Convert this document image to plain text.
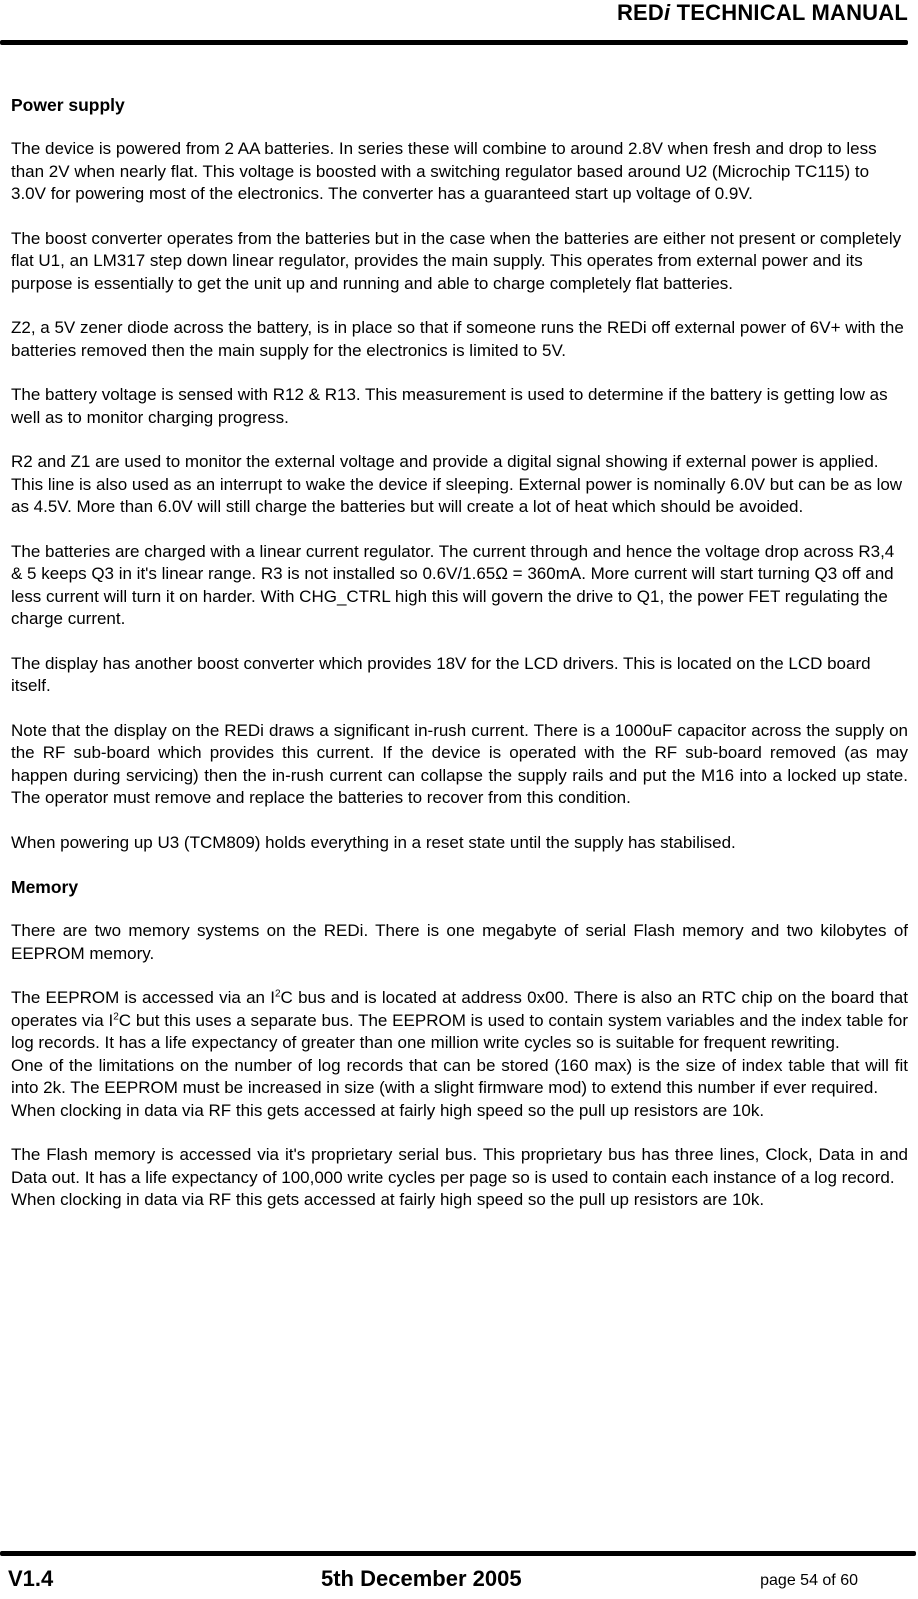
REDi TECHNICAL MANUAL
Power supply

The device is powered from 2 AA batteries. In series these will combine to around 2.8V when fresh and drop to less than 2V when nearly flat. This voltage is boosted with a switching regulator based around U2 (Microchip TC115) to 3.0V for powering most of the electronics. The converter has a guaranteed start up voltage of 0.9V.

The boost converter operates from the batteries but in the case when the batteries are either not present or completely flat U1, an LM317 step down linear regulator, provides the main supply. This operates from external power and its purpose is essentially to get the unit up and running and able to charge completely flat batteries.

Z2, a 5V zener diode across the battery, is in place so that if someone runs the REDi off external power of 6V+ with the batteries removed then the main supply for the electronics is limited to 5V.

The battery voltage is sensed with R12 & R13. This measurement is used to determine if the battery is getting low as well as to monitor charging progress.

R2 and Z1 are used to monitor the external voltage and provide a digital signal showing if external power is applied. This line is also used as an interrupt to wake the device if sleeping. External power is nominally 6.0V but can be as low as 4.5V. More than 6.0V will still charge the batteries but will create a lot of heat which should be avoided.

The batteries are charged with a linear current regulator. The current through and hence the voltage drop across R3,4 & 5 keeps Q3 in it's linear range. R3 is not installed so 0.6V/1.65Ω = 360mA. More current will start turning Q3 off and less current will turn it on harder. With CHG_CTRL high this will govern the drive to Q1, the power FET regulating the charge current.

The display has another boost converter which provides 18V for the LCD drivers. This is located on the LCD board itself.

Note that the display on the REDi draws a significant in-rush current. There is a 1000uF capacitor across the supply on the RF sub-board which provides this current. If the device is operated with the RF sub-board removed (as may happen during servicing) then the in-rush current can collapse the supply rails and put the M16 into a locked up state. The operator must remove and replace the batteries to recover from this condition.

When powering up U3 (TCM809) holds everything in a reset state until the supply has stabilised.

Memory

There are two memory systems on the REDi. There is one megabyte of serial Flash memory and two kilobytes of EEPROM memory.

The EEPROM is accessed via an $I^2C$ bus and is located at address 0x00. There is also an RTC chip on the board that operates via $I^2C$ but this uses a separate bus. The EEPROM is used to contain system variables and the index table for log records. It has a life expectancy of greater than one million write cycles so is suitable for frequent rewriting.

One of the limitations on the number of log records that can be stored (160 max) is the size of index table that will fit into 2k. The EEPROM must be increased in size (with a slight firmware mod) to extend this number if ever required.

When clocking in data via RF this gets accessed at fairly high speed so the pull up resistors are 10k.

The Flash memory is accessed via it's proprietary serial bus. This proprietary bus has three lines, Clock, Data in and Data out. It has a life expectancy of 100,000 write cycles per page so is used to contain each instance of a log record.

When clocking in data via RF this gets accessed at fairly high speed so the pull up resistors are 10k.

V1.4	5th December 2005	page 54 of 60
